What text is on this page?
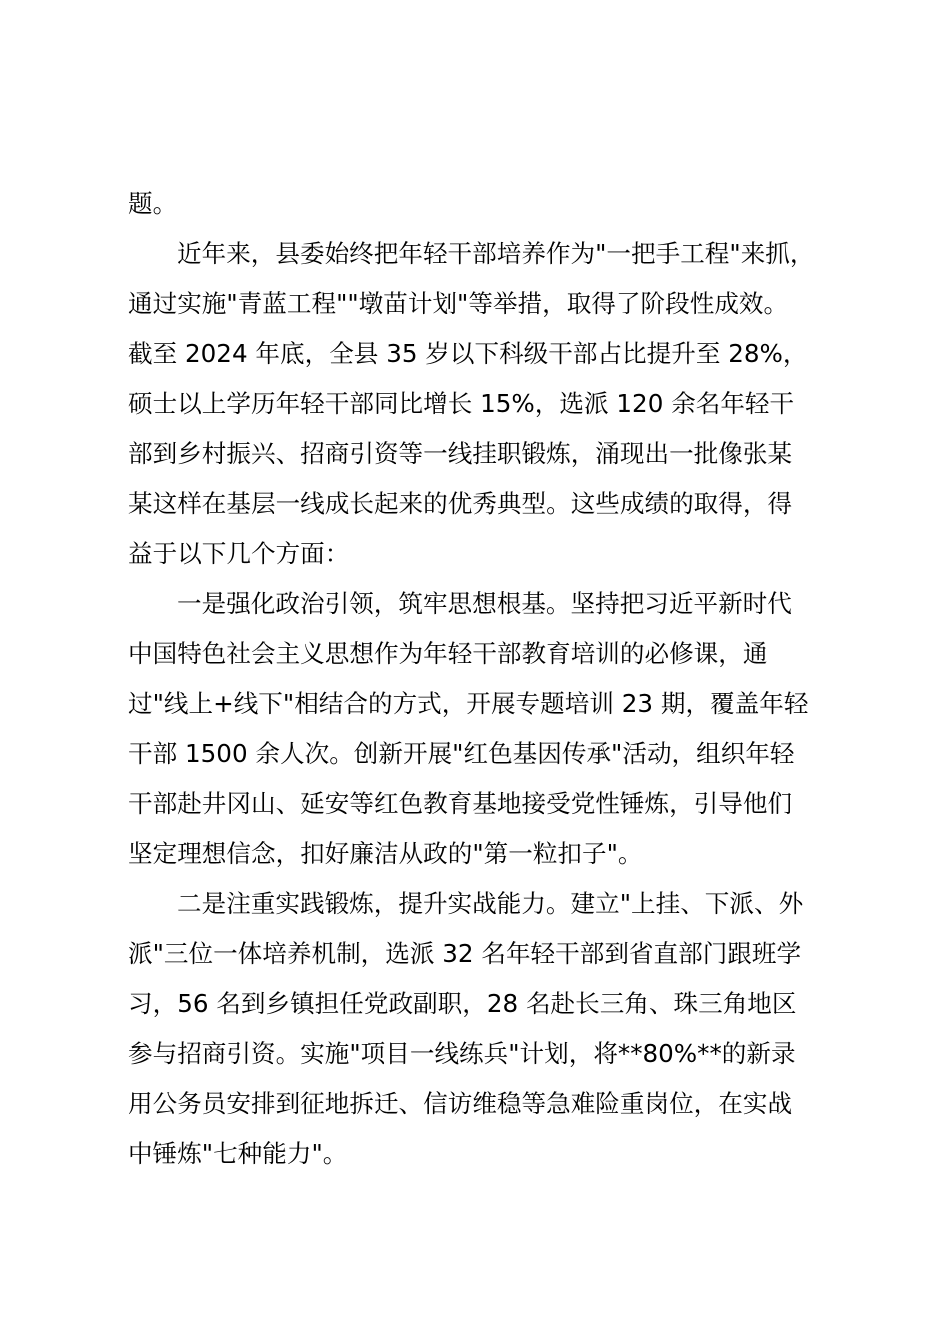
题。
近年来，县委始终把年轻干部培养作为"一把手工程"来抓，
通过实施"青蓝工程""墩苗计划"等举措，取得了阶段性成效。
截至 2024 年底，全县 35 岁以下科级干部占比提升至 28%，
硕士以上学历年轻干部同比增长 15%，选派 120 余名年轻干
部到乡村振兴、招商引资等一线挂职锻炼，涌现出一批像张某
某这样在基层一线成长起来的优秀典型。这些成绩的取得，得
益于以下几个方面：
一是强化政治引领，筑牢思想根基。坚持把习近平新时代
中国特色社会主义思想作为年轻干部教育培训的必修课，通
过"线上+线下"相结合的方式，开展专题培训 23 期，覆盖年轻
干部 1500 余人次。创新开展"红色基因传承"活动，组织年轻
干部赴井冈山、延安等红色教育基地接受党性锤炼，引导他们
坚定理想信念，扣好廉洁从政的"第一粒扣子"。
二是注重实践锻炼，提升实战能力。建立"上挂、下派、外
派"三位一体培养机制，选派 32 名年轻干部到省直部门跟班学
习，56 名到乡镇担任党政副职，28 名赴长三角、珠三角地区
参与招商引资。实施"项目一线练兵"计划，将**80%**的新录
用公务员安排到征地拆迁、信访维稳等急难险重岗位，在实战
中锤炼"七种能力"。
